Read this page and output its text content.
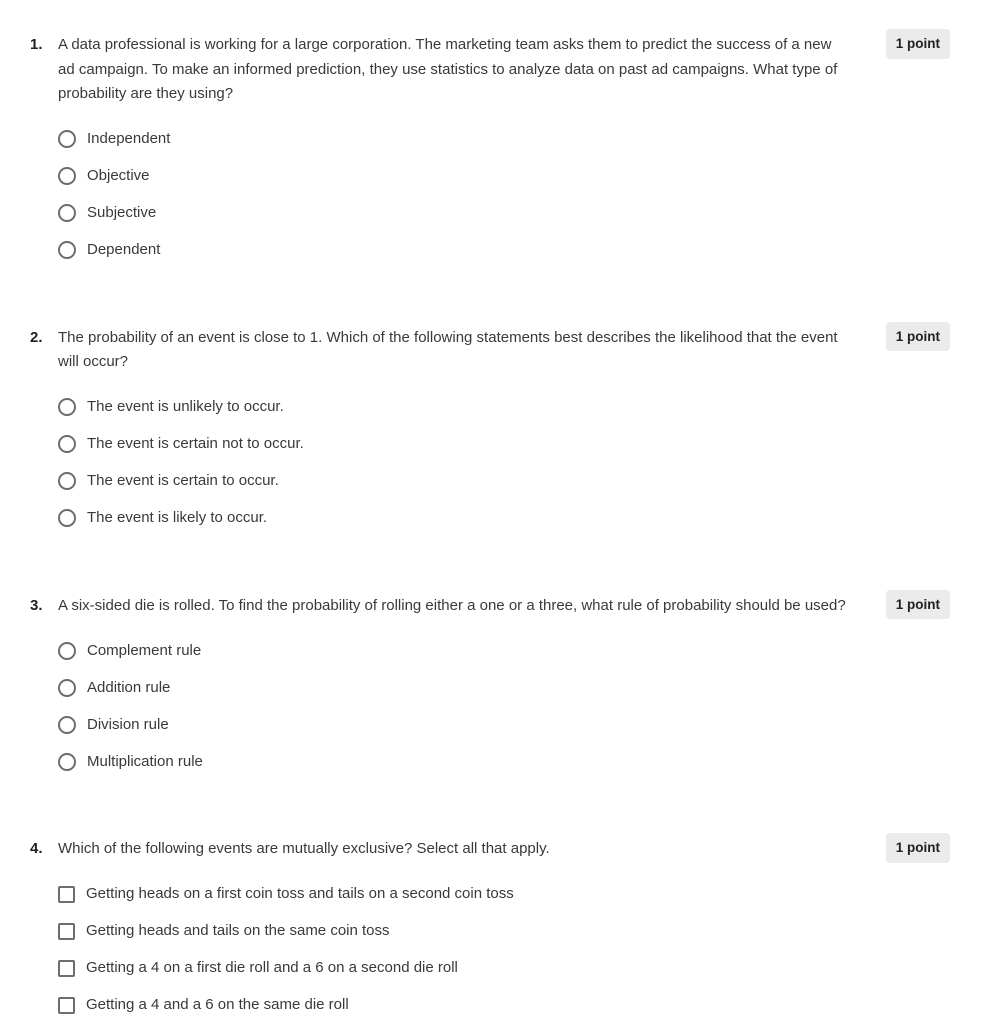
1. A data professional is working for a large corporation. The marketing team asks them to predict the success of a new ad campaign. To make an informed prediction, they use statistics to analyze data on past ad campaigns. What type of probability are they using?
Independent
Objective
Subjective
Dependent
1 point
2. The probability of an event is close to 1. Which of the following statements best describes the likelihood that the event will occur?
The event is unlikely to occur.
The event is certain not to occur.
The event is certain to occur.
The event is likely to occur.
1 point
3. A six-sided die is rolled. To find the probability of rolling either a one or a three, what rule of probability should be used?
Complement rule
Addition rule
Division rule
Multiplication rule
1 point
4. Which of the following events are mutually exclusive? Select all that apply.
Getting heads on a first coin toss and tails on a second coin toss
Getting heads and tails on the same coin toss
Getting a 4 on a first die roll and a 6 on a second die roll
Getting a 4 and a 6 on the same die roll
1 point
